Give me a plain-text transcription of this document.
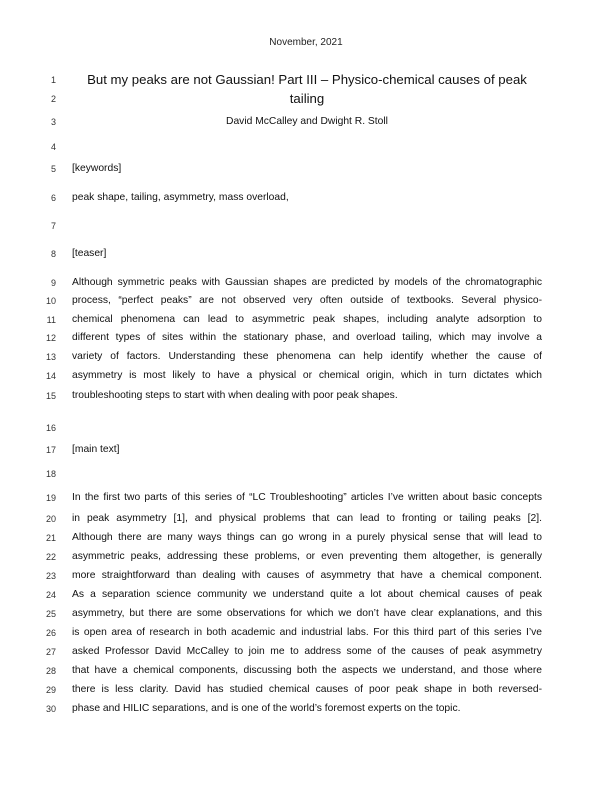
November, 2021
1	But my peaks are not Gaussian! Part III – Physico-chemical causes of peak
2	tailing
3	David McCalley and Dwight R. Stoll
4
5 [keywords]
6 peak shape, tailing, asymmetry, mass overload,
7
8 [teaser]
9 Although symmetric peaks with Gaussian shapes are predicted by models of the chromatographic
10 process, “perfect peaks” are not observed very often outside of textbooks. Several physico-
11 chemical phenomena can lead to asymmetric peak shapes, including analyte adsorption to
12 different types of sites within the stationary phase, and overload tailing, which may involve a
13 variety of factors. Understanding these phenomena can help identify whether the cause of
14 asymmetry is most likely to have a physical or chemical origin, which in turn dictates which
15 troubleshooting steps to start with when dealing with poor peak shapes.
16
17 [main text]
18
19 In the first two parts of this series of “LC Troubleshooting” articles I’ve written about basic concepts
20 in peak asymmetry [1], and physical problems that can lead to fronting or tailing peaks [2].
21 Although there are many ways things can go wrong in a purely physical sense that will lead to
22 asymmetric peaks, addressing these problems, or even preventing them altogether, is generally
23 more straightforward than dealing with causes of asymmetry that have a chemical component.
24 As a separation science community we understand quite a lot about chemical causes of peak
25 asymmetry, but there are some observations for which we don’t have clear explanations, and this
26 is open area of research in both academic and industrial labs. For this third part of this series I’ve
27 asked Professor David McCalley to join me to address some of the causes of peak asymmetry
28 that have a chemical components, discussing both the aspects we understand, and those where
29 there is less clarity. David has studied chemical causes of poor peak shape in both reversed-
30 phase and HILIC separations, and is one of the world’s foremost experts on the topic.
